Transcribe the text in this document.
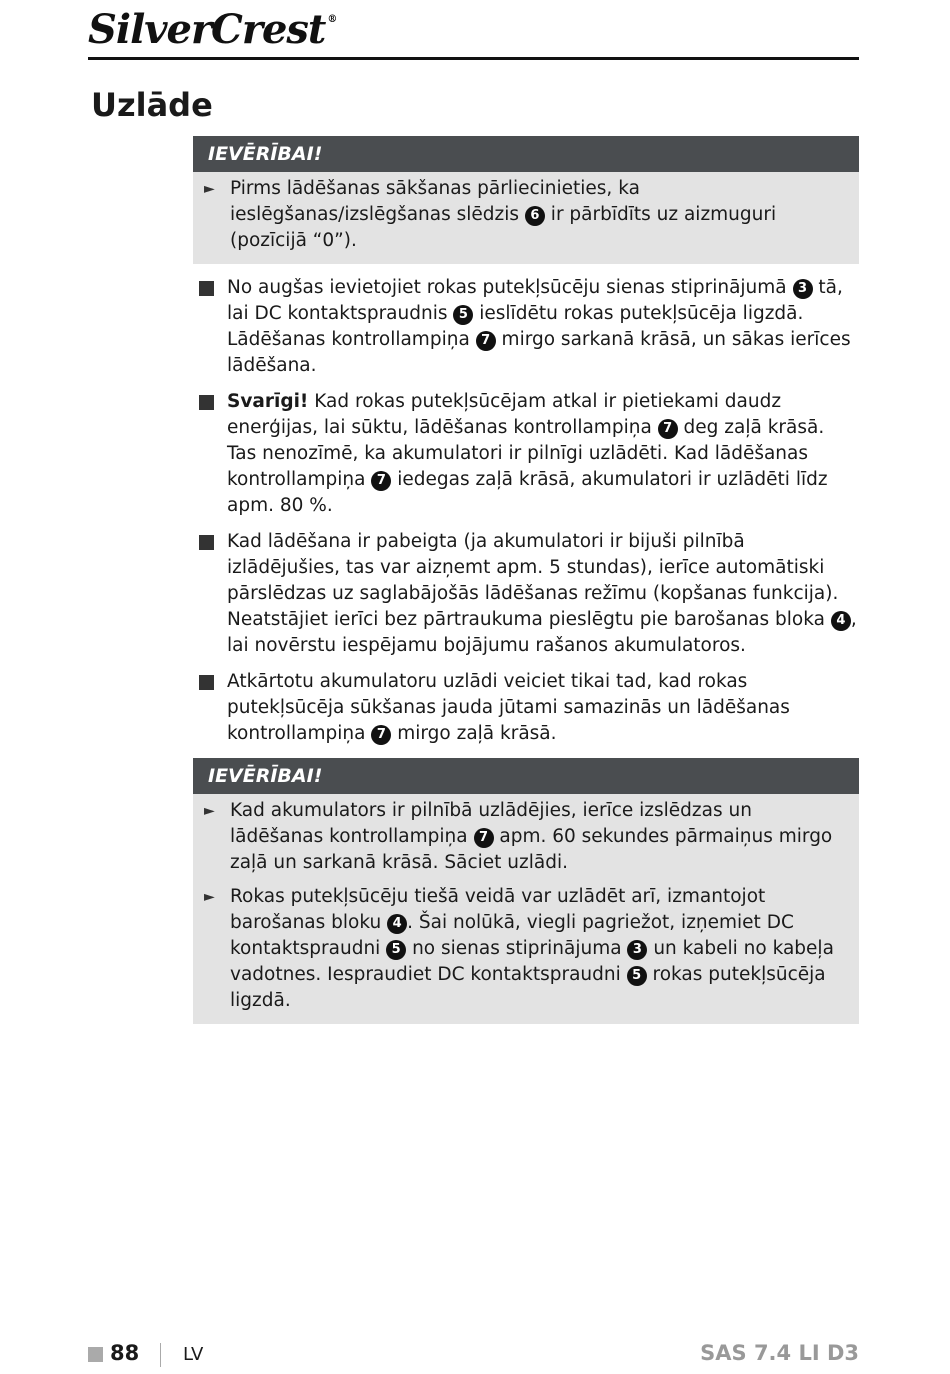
SilverCrest ®
Uzlāde
IEVĒRĪBAI!
► Pirms lādēšanas sākšanas pārliecinieties, ka ieslēgšanas/izslēgšanas slēdzis 6 ir pārbīdīts uz aizmuguri (pozīcijā “0”).
No augšas ievietojiet rokas putekļsūcēju sienas stiprinājumā 3 tā, lai DC kontaktspraudnis 5 ieslīdētu rokas putekļsūcēja ligzdā. Lādēšanas kontrollampiņa 7 mirgo sarkanā krāsā, un sākas ierīces lādēšana.
Svarīgi! Kad rokas putekļsūcējam atkal ir pietiekami daudz enerģijas, lai sūktu, lādēšanas kontrollampiņa 7 deg zaļā krāsā. Tas nenozīmē, ka akumulatori ir pilnīgi uzlādēti. Kad lādēšanas kontrollampiņa 7 iedegas zaļā krāsā, akumulatori ir uzlādēti līdz apm. 80 %.
Kad lādēšana ir pabeigta (ja akumulatori ir bijuši pilnībā izlādējušies, tas var aizņemt apm. 5 stundas), ierīce automātiski pārslēdzas uz saglabājošās lādēšanas režīmu (kopšanas funkcija). Neatstājiet ierīci bez pārtraukuma pieslēgtu pie barošanas bloka 4 , lai novērstu iespējamu bojājumu rašanos akumulatoros.
Atkārtotu akumulatoru uzlādi veiciet tikai tad, kad rokas putekļsūcēja sūkšanas jauda jūtami samazinās un lādēšanas kontrollampiņa 7 mirgo zaļā krāsā.
IEVĒRĪBAI!
► Kad akumulators ir pilnībā uzlādējies, ierīce izslēdzas un lādēšanas kontrollampiņa 7 apm. 60 sekundes pārmaiņus mirgo zaļā un sarkanā krāsā. Sāciet uzlādi.
► Rokas putekļsūcēju tiešā veidā var uzlādēt arī, izmantojot barošanas bloku 4 . Šai nolūkā, viegli pagriežot, izņemiet DC kontaktspraudni 5 no sienas stiprinājuma 3 un kabeli no kabeļa vadotnes. Iespraudiet DC kontaktspraudni 5 rokas putekļsūcēja ligzdā.
88 LV	SAS 7.4 LI D3
